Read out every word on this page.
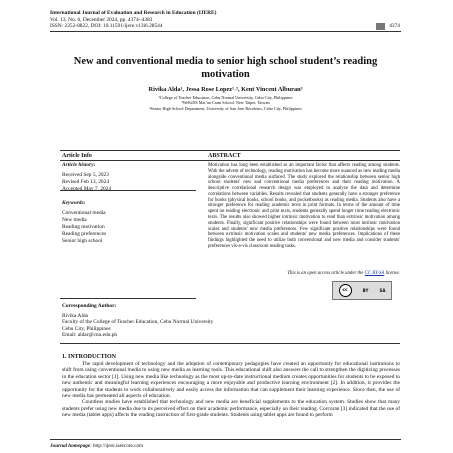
International Journal of Evaluation and Research in Education (IJERE)
Vol. 13, No. 6, December 2024, pp. 4374~4383
ISSN: 2252-8822, DOI: 10.11591/ijere.v13i6.28544	4374
New and conventional media to senior high school student’s reading motivation
Rivika Alda¹, Jessa Rose Lopez¹˒², Kent Vincent Alburan³
¹College of Teacher Education, Cebu Normal University, Cebu City, Philippines
²WeKiDS Mat’an Cram School, New Taipei, Taiwan
³Senior High School Department, University of San Jose Recoletos, Cebu City, Philippines
Article Info	ABSTRACT
Article history:
Received Sep 5, 2023
Revised Feb 13, 2024
Accepted May 7, 2024
Keywords:
Conventional media
New media
Reading motivation
Reading preferences
Senior high school
Motivation has long been established as an important factor that affects reading among students. With the advent of technology, reading motivation has become more nuanced as new reading media alongside conventional media surfaced. The study explored the relationship between senior high school students' new and conventional media preferences and their reading motivation. A descriptive correlational research design was employed to analyze the data and determine correlations between variables. Results revealed that students generally have a stronger preference for books (physical books, school books, and pocketbooks) as reading media. Students also have a stronger preference for reading academic texts in print formats. In terms of the amount of time spent on reading electronic and print texts, students generally spend longer time reading electronic texts. The results also showed higher intrinsic motivation to read than extrinsic motivation among students. Finally, significant positive relationships were found between most intrinsic motivation scales and students' new media preferences. Few significant positive relationships were found between extrinsic motivation scales and students' new media preferences. Implications of these findings highlighted the need to utilize both conventional and new media and consider students' preferences vis-a-vis classroom reading tasks.
This is an open access article under the CC BY-SA license.
cc	BY	SA
Corresponding Author:
Rivika Alda
Faculty of the College of Teacher Education, Cebu Normal University
Cebu City, Philippines
Email: aldar@cnu.edu.ph
1. INTRODUCTION
The rapid development of technology and the adoption of contemporary pedagogies have created an opportunity for educational institutions to shift from using conventional media to using new media as learning tools. This educational shift also answers the call to strengthen the digitizing processes in the education sector [1]. Using new media like technology as the most up-to-date instructional medium creates opportunities for students to be exposed to new authentic and meaningful learning experiences encouraging a more enjoyable and productive learning environment [2]. In addition, it provides the opportunity for the students to work collaboratively and easily access the information that can supplement their learning experience. Since then, the use of new media has permeated all aspects of education.
Countless studies have established that technology and new media are beneficial supplements to the education system. Studies show that many students prefer using new media due to its perceived effect on their academic performance, especially on their reading. Corcoran [3] indicated that the use of new media (tablet apps) affects the reading instruction of first-grade students. Students using tablet apps are found to perform
Journal homepage: http://ijere.iaescore.com
